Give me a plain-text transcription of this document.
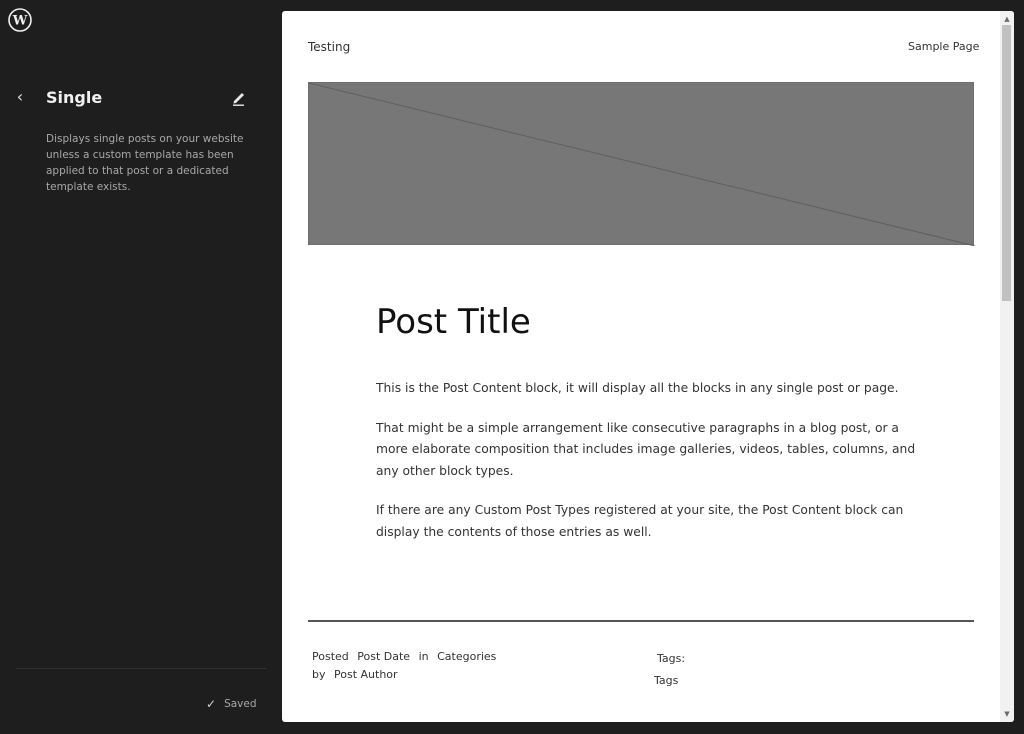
W
‹	Single
Displays single posts on your website unless a custom template has been applied to that post or a dedicated template exists.
✓ Saved
Testing	Sample Page
Post Title

This is the Post Content block, it will display all the blocks in any single post or page.

That might be a simple arrangement like consecutive paragraphs in a blog post, or a more elaborate composition that includes image galleries, videos, tables, columns, and any other block types.

If there are any Custom Post Types registered at your site, the Post Content block can display the contents of those entries as well.

Posted Post Date in Categories
by Post Author
Tags:
Tags
▲
▼
